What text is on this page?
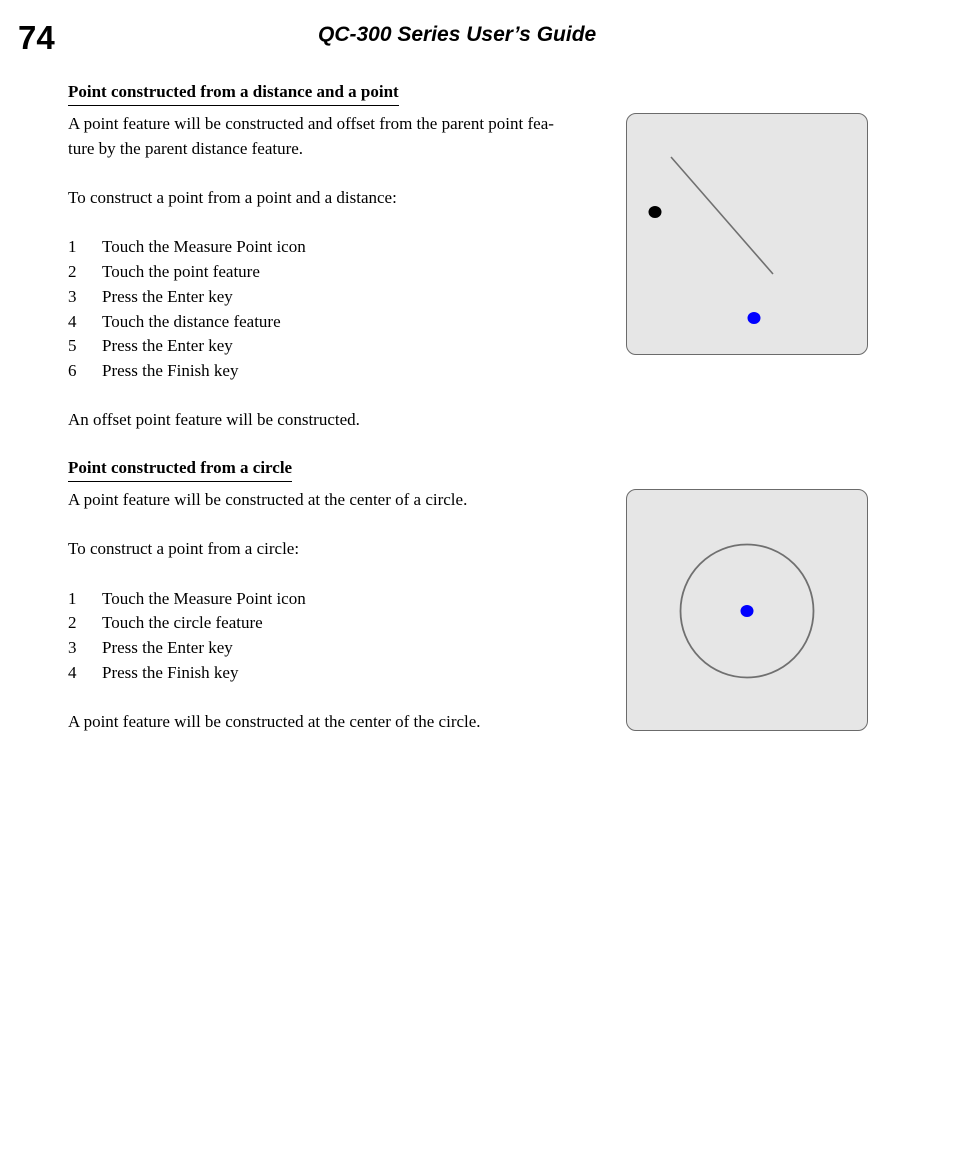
74	QC-300 Series User’s Guide
Point constructed from a distance and a point

A point feature will be constructed and offset from the parent point fea-

ture by the parent distance feature.

To construct a point from a point and a distance:

1	Touch the Measure Point icon
2	Touch the point feature
3	Press the Enter key
4	Touch the distance feature
5	Press the Enter key
6	Press the Finish key

An offset point feature will be constructed.

Point constructed from a circle

A point feature will be constructed at the center of a circle.

To construct a point from a circle:

1	Touch the Measure Point icon
2	Touch the circle feature
3	Press the Enter key
4	Press the Finish key

A point feature will be constructed at the center of the circle.
